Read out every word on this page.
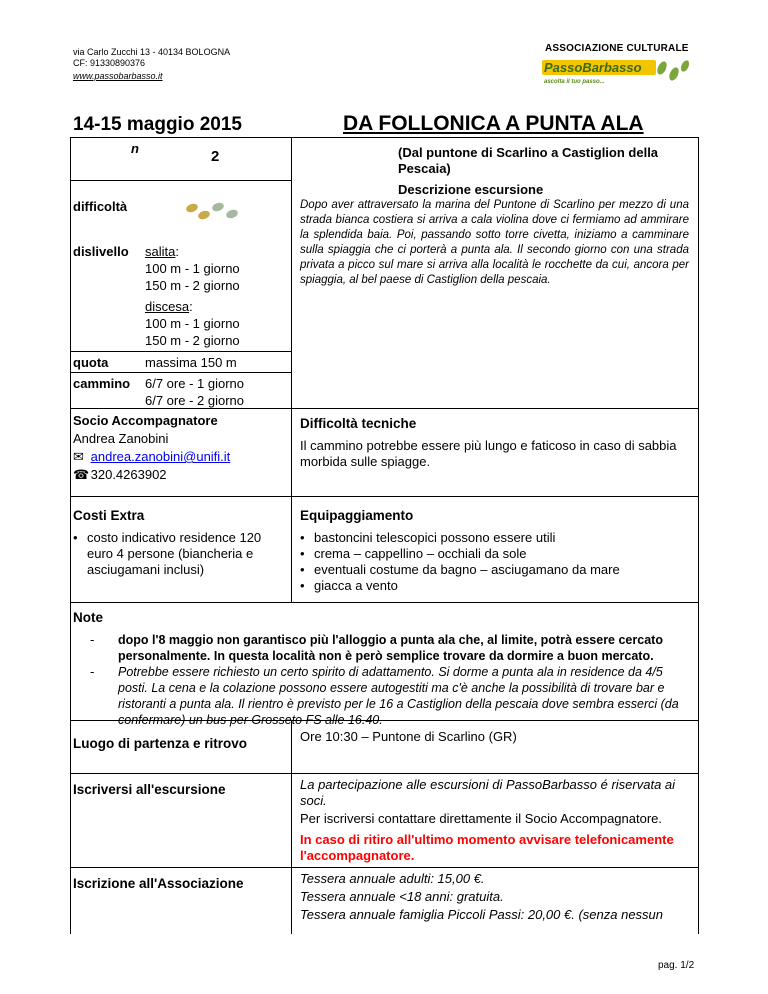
via Carlo Zucchi 13 - 40134 BOLOGNA
CF: 91330890376
www.passobarbasso.it
ASSOCIAZIONE CULTURALE
PassoBarbasso
ascolta il tuo passo...
14-15 maggio 2015	DA FOLLONICA A PUNTA ALA
n	2
difficoltà
dislivello salita:
100 m - 1 giorno
150 m - 2 giorno
discesa:
100 m - 1 giorno
150 m - 2 giorno
quota	massima 150 m
cammino 6/7 ore - 1 giorno
6/7 ore - 2 giorno
(Dal puntone di Scarlino a Castiglion della Pescaia)
Descrizione escursione
Dopo aver attraversato la marina del Puntone di Scarlino per mezzo di una strada bianca costiera si arriva a cala violina dove ci fermiamo ad ammirare la splendida baia. Poi, passando sotto torre civetta, iniziamo a camminare sulla spiaggia che ci porterà a punta ala. Il secondo giorno con una strada privata a picco sul mare si arriva alla località le rocchette da cui, ancora per spiaggia, al bel paese di Castiglion della pescaia.
Socio Accompagnatore
Andrea Zanobini
✉ andrea.zanobini@unifi.it
☎ 320.4263902
Difficoltà tecniche
Il cammino potrebbe essere più lungo e faticoso in caso di sabbia morbida sulle spiagge.
Costi Extra
• costo indicativo residence 120 euro 4 persone (biancheria e asciugamani inclusi)
Equipaggiamento
• bastoncini telescopici possono essere utili
• crema – cappellino – occhiali da sole
• eventuali costume da bagno – asciugamano da mare
• giacca a vento
Note
- dopo l'8 maggio non garantisco più l'alloggio a punta ala che, al limite, potrà essere cercato personalmente. In questa località non è però semplice trovare da dormire a buon mercato.
- Potrebbe essere richiesto un certo spirito di adattamento. Si dorme a punta ala in residence da 4/5 posti. La cena e la colazione possono essere autogestiti ma c'è anche la possibilità di trovare bar e ristoranti a punta ala. Il rientro è previsto per le 16 a Castiglion della pescaia dove sembra esserci (da confermare) un bus per Grosseto FS alle 16.40.
Luogo di partenza e ritrovo	Ore 10:30 – Puntone di Scarlino (GR)
Iscriversi all'escursione	La partecipazione alle escursioni di PassoBarbasso é riservata ai soci.
Per iscriversi contattare direttamente il Socio Accompagnatore.
In caso di ritiro all'ultimo momento avvisare telefonicamente l'accompagnatore.
Iscrizione all'Associazione	Tessera annuale adulti: 15,00 €.
Tessera annuale <18 anni: gratuita.
Tessera annuale famiglia Piccoli Passi: 20,00 €. (senza nessun
pag. 1/2
